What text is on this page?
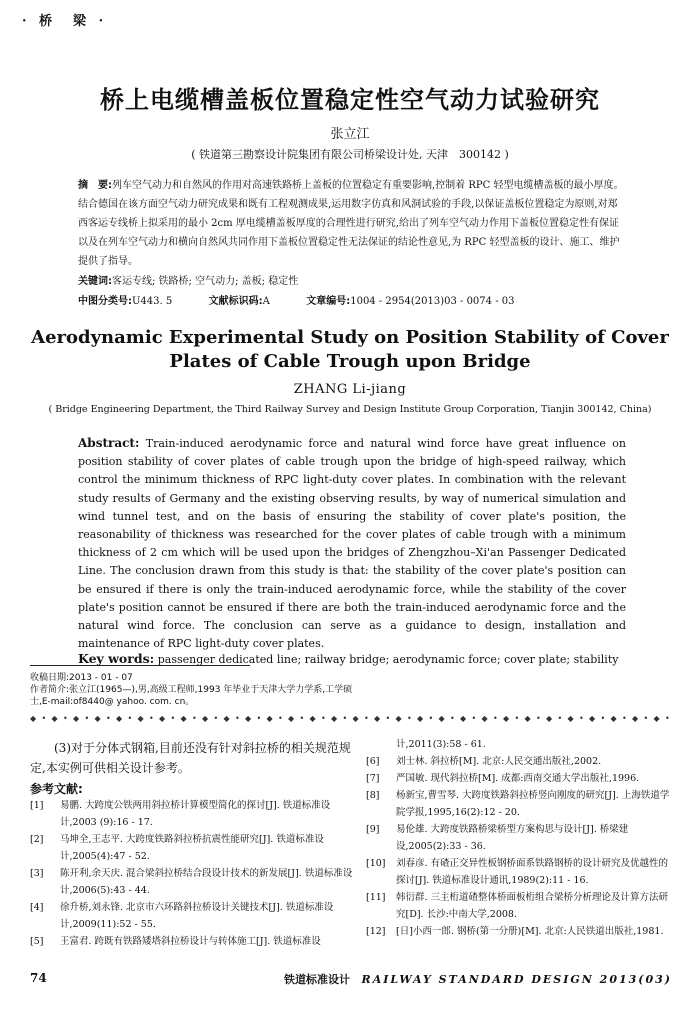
· 桥　梁 ·
桥上电缆槽盖板位置稳定性空气动力试验研究
张立江
( 铁道第三勘察设计院集团有限公司桥梁设计处, 天津　300142 )
摘　要:列车空气动力和自然风的作用对高速铁路桥上盖板的位置稳定有重要影响,控制着 RPC 轻型电缆槽盖板的最小厚度。结合德国在该方面空气动力研究成果和既有工程观测成果,运用数字仿真和风洞试验的手段,以保证盖板位置稳定为原则,对郑西客运专线桥上拟采用的最小 2cm 厚电缆槽盖板厚度的合理性进行研究,给出了列车空气动力作用下盖板位置稳定性有保证以及在列车空气动力和横向自然风共同作用下盖板位置稳定性无法保证的结论性意见,为 RPC 轻型盖板的设计、施工、维护提供了指导。
关键词:客运专线; 铁路桥; 空气动力; 盖板; 稳定性
中图分类号:U443. 5	文献标识码:A	文章编号:1004 - 2954(2013)03 - 0074 - 03
Aerodynamic Experimental Study on Position Stability of Cover
Plates of Cable Trough upon Bridge
ZHANG Li-jiang
( Bridge Engineering Department, the Third Railway Survey and Design Institute Group Corporation, Tianjin 300142, China)
Abstract: Train-induced aerodynamic force and natural wind force have great influence on position stability of cover plates of cable trough upon the bridge of high-speed railway, which control the minimum thickness of RPC light-duty cover plates. In combination with the relevant study results of Germany and the existing observing results, by way of numerical simulation and wind tunnel test, and on the basis of ensuring the stability of cover plate's position, the reasonability of thickness was researched for the cover plates of cable trough with a minimum thickness of 2 cm which will be used upon the bridges of Zhengzhou–Xi'an Passenger Dedicated Line. The conclusion drawn from this study is that: the stability of the cover plate's position can be ensured if there is only the train-induced aerodynamic force, while the stability of the cover plate's position cannot be ensured if there are both the train-induced aerodynamic force and the natural wind force. The conclusion can serve as a guidance to design, installation and maintenance of RPC light-duty cover plates.
Key words: passenger dedicated line; railway bridge; aerodynamic force; cover plate; stability
收稿日期:2013 - 01 - 07
作者简介:张立江(1965—),男,高级工程师,1993 年毕业于天津大学力学系,工学硕士,E-mail:of8440@ yahoo. com. cn。
◆ • ◆ • ◆ • ◆ • ◆ • ◆ • ◆ • ◆ • ◆ • ◆ • ◆ • ◆ • ◆ • ◆ • ◆ • ◆ • ◆ • ◆ • ◆ • ◆ • ◆ • ◆ • ◆ • ◆ • ◆ • ◆ • ◆ • ◆ • ◆ • ◆ •

(3)对于分体式钢箱,目前还没有针对斜拉桥的相关规范规定,本实例可供相关设计参考。

参考文献:
[1]	易鹏. 大跨度公铁两用斜拉桥计算模型简化的探讨[J]. 铁道标准设计,2003 (9):16 - 17.
[2]	马坤全,王志平. 大跨度铁路斜拉桥抗震性能研究[J]. 铁道标准设计,2005(4):47 - 52.
[3]	陈开利,余天庆. 混合梁斜拉桥结合段设计技术的新发展[J]. 铁道标准设计,2006(5):43 - 44.
[4]	徐升桥,刘永锋. 北京市六环路斜拉桥设计关键技术[J]. 铁道标准设计,2009(11):52 - 55.
[5]	王富君. 跨既有铁路矮塔斜拉桥设计与转体施工[J]. 铁道标准设
计,2011(3):58 - 61.
[6]	刘士林. 斜拉桥[M]. 北京:人民交通出版社,2002.
[7]	严国敏. 现代斜拉桥[M]. 成都:西南交通大学出版社,1996.
[8]	杨新宝,曹雪琴. 大跨度铁路斜拉桥竖向刚度的研究[J]. 上海铁道学院学报,1995,16(2):12 - 20.
[9]	易伦雄. 大跨度铁路桥梁桥型方案构思与设计[J]. 桥梁建设,2005(2):33 - 36.
[10]	刘春彦. 有碴正交异性板钢桥面系铁路钢桥的设计研究及优越性的探讨[J]. 铁道标准设计通讯,1989(2):11 - 16.
[11]	韩衍群. 三主桁道碴整体桥面板桁组合梁桥分析理论及计算方法研究[D]. 长沙:中南大学,2008.
[12]	[日]小西一郎. 钢桥(第一分册)[M]. 北京:人民铁道出版社,1981.
74	铁道标准设计 RAILWAY STANDARD DESIGN 2013(03)
